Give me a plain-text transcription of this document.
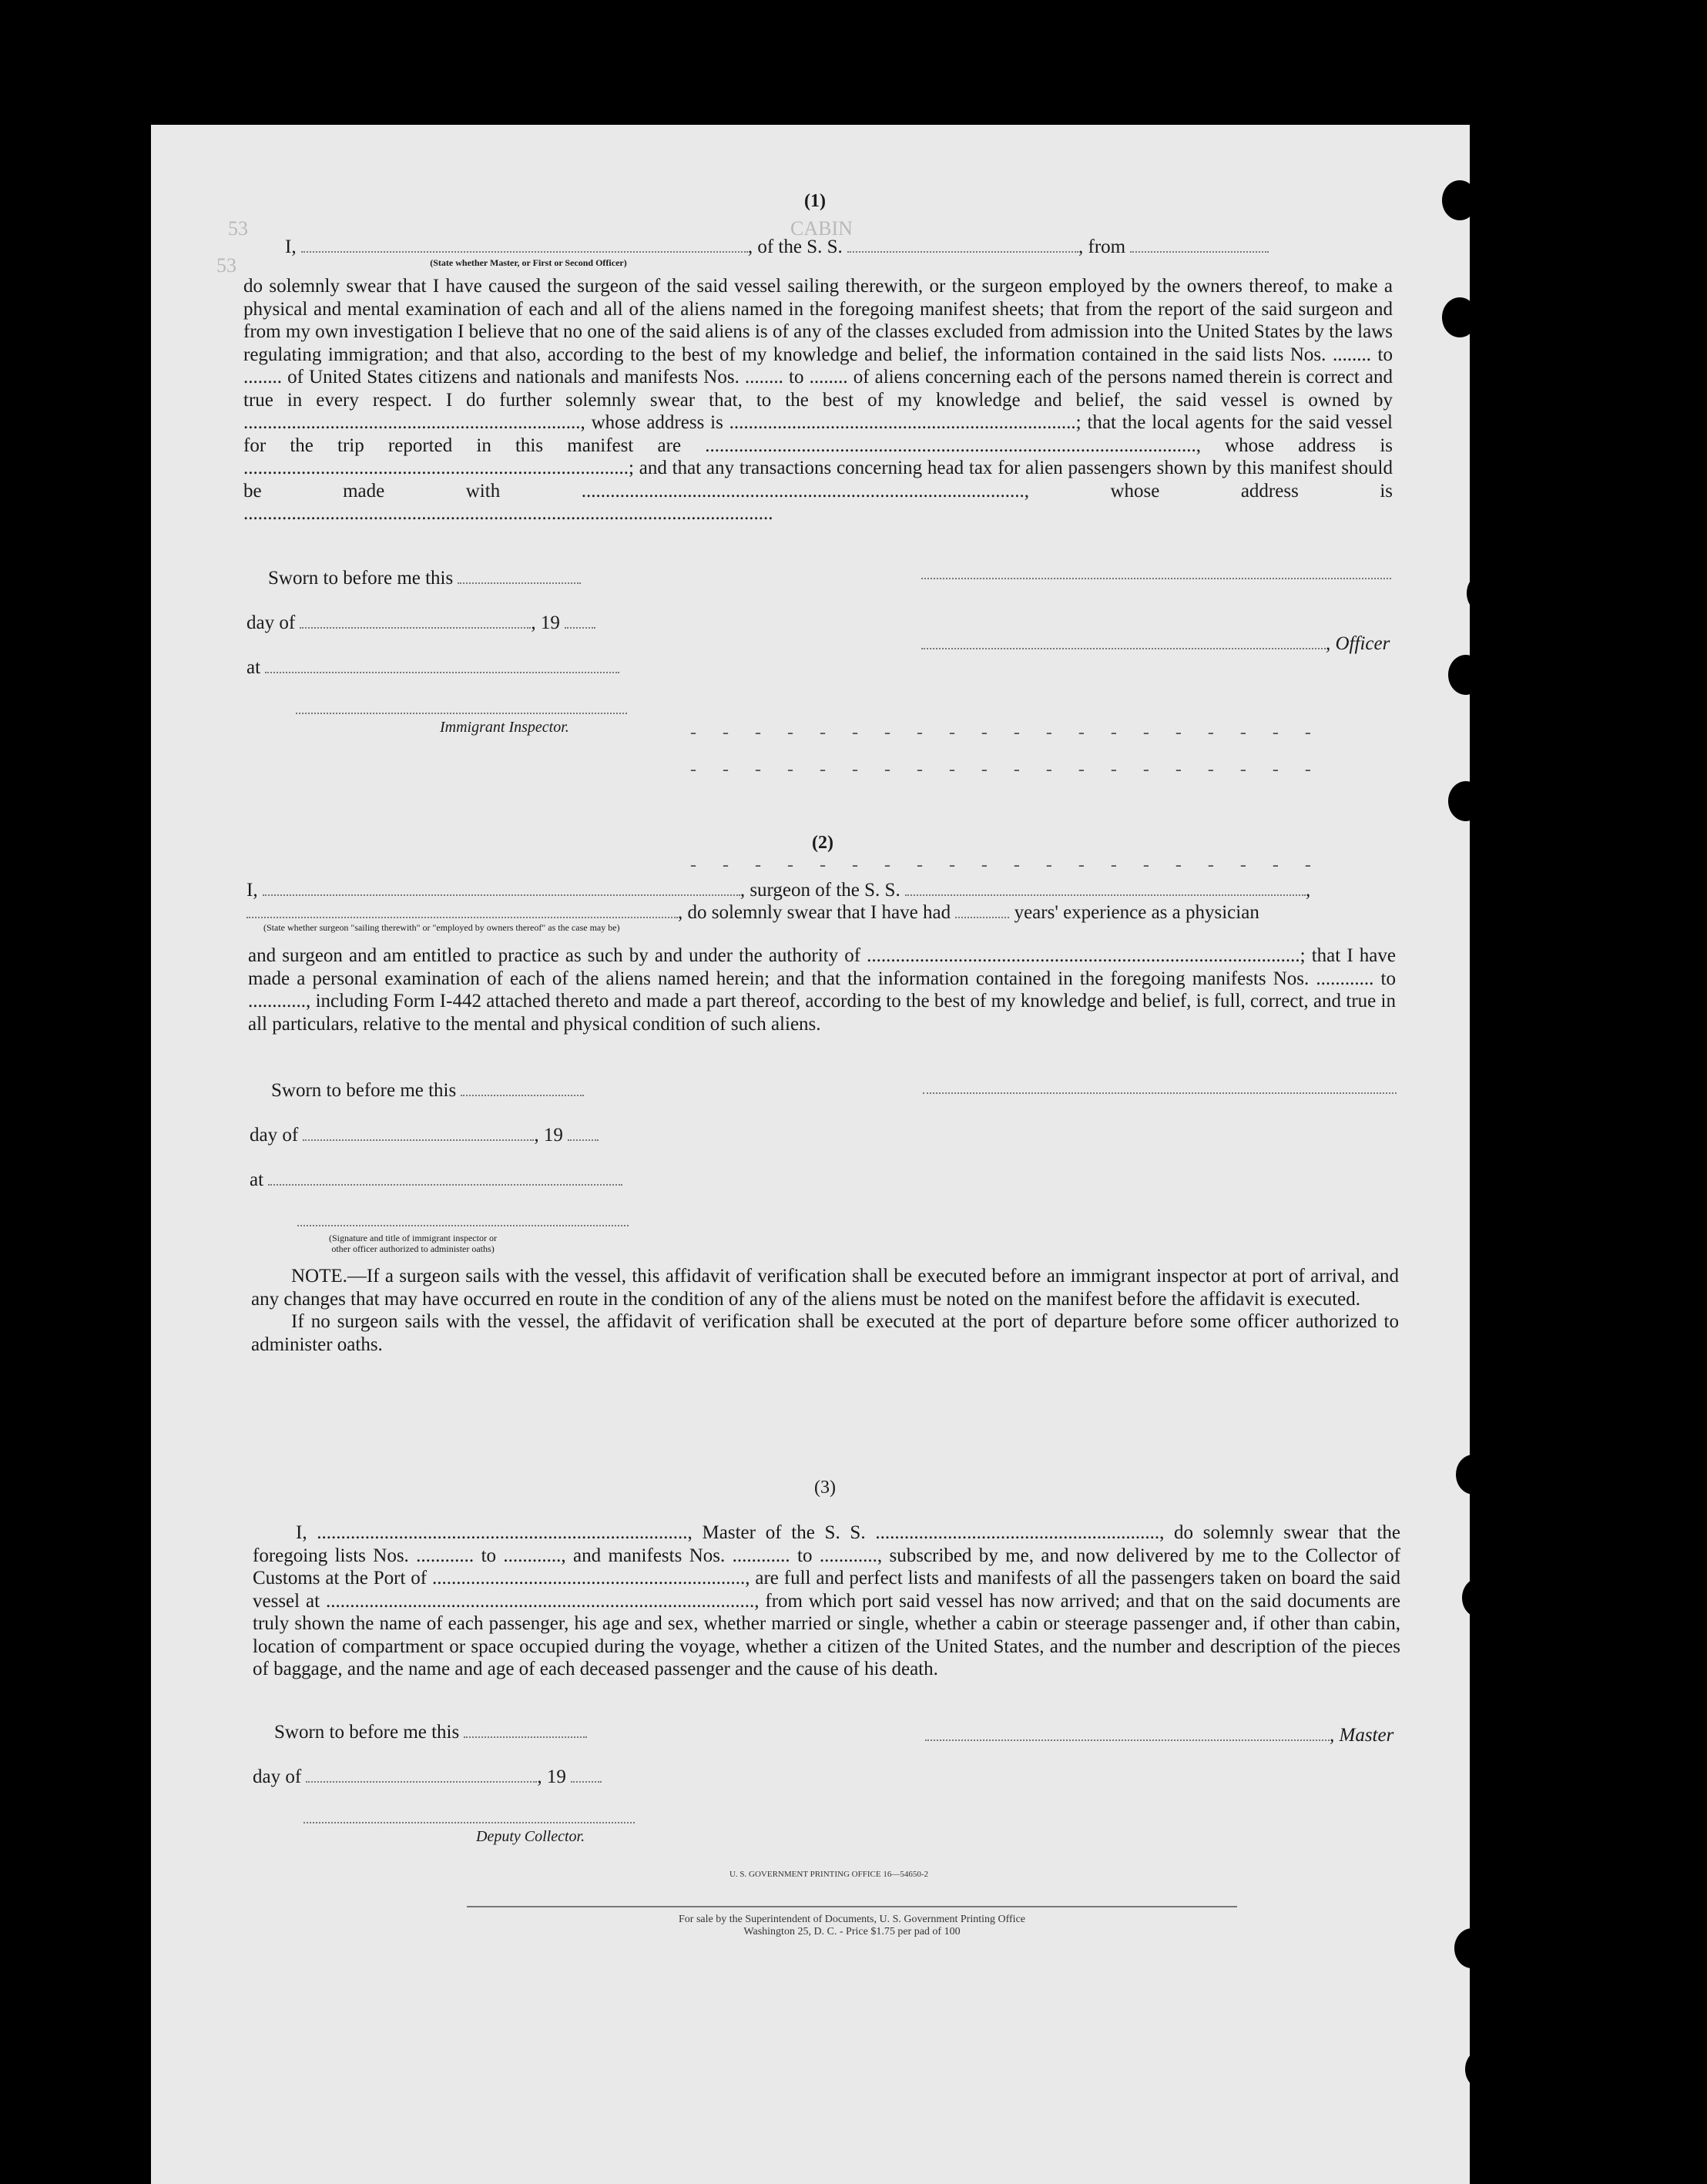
53
53
CABIN
(1)
I,	, of the S. S.	, from
(State whether Master, or First or Second Officer)

do solemnly swear that I have caused the surgeon of the said vessel sailing therewith, or the surgeon employed by the owners thereof, to make a physical and mental examination of each and all of the aliens named in the foregoing manifest sheets; that from the report of the said surgeon and from my own investigation I believe that no one of the said aliens is of any of the classes excluded from admission into the United States by the laws regulating immigration; and that also, according to the best of my knowledge and belief, the information contained in the said lists Nos. ........ to ........ of United States citizens and nationals and manifests Nos. ........ to ........ of aliens concerning each of the persons named therein is correct and true in every respect. I do further solemnly swear that, to the best of my knowledge and belief, the said vessel is owned by ......................................................................, whose address is ........................................................................; that the local agents for the said vessel for the trip reported in this manifest are ......................................................................................................, whose address is ................................................................................; and that any transactions concerning head tax for alien passengers shown by this manifest should be made with ............................................................................................, whose address is ..............................................................................................................

Sworn to before me this
day of	, 19
at
Immigrant Inspector.
, Officer
- - - - - - - - - - - - - - - - - - - -
- - - - - - - - - - - - - - - - - - - -
(2)
- - - - - - - - - - - - - - - - - - - -
I,	, surgeon of the S. S.	,
, do solemnly swear that I have had	years' experience as a physician
(State whether surgeon "sailing therewith" or "employed by owners thereof" as the case may be)

and surgeon and am entitled to practice as such by and under the authority of ..........................................................................................; that I have made a personal examination of each of the aliens named herein; and that the information contained in the foregoing manifests Nos. ............ to ............, including Form I-442 attached thereto and made a part thereof, according to the best of my knowledge and belief, is full, correct, and true in all particulars, relative to the mental and physical condition of such aliens.

Sworn to before me this
day of	, 19
at
(Signature and title of immigrant inspector or other officer authorized to administer oaths)

NOTE.—If a surgeon sails with the vessel, this affidavit of verification shall be executed before an immigrant inspector at port of arrival, and any changes that may have occurred en route in the condition of any of the aliens must be noted on the manifest before the affidavit is executed.

If no surgeon sails with the vessel, the affidavit of verification shall be executed at the port of departure before some officer authorized to administer oaths.

(3)

I, ............................................................................., Master of the S. S. ..........................................................., do solemnly swear that the foregoing lists Nos. ............ to ............, and manifests Nos. ............ to ............, subscribed by me, and now delivered by me to the Collector of Customs at the Port of ................................................................., are full and perfect lists and manifests of all the passengers taken on board the said vessel at ........................................................................................., from which port said vessel has now arrived; and that on the said documents are truly shown the name of each passenger, his age and sex, whether married or single, whether a cabin or steerage passenger and, if other than cabin, location of compartment or space occupied during the voyage, whether a citizen of the United States, and the number and description of the pieces of baggage, and the name and age of each deceased passenger and the cause of his death.

Sworn to before me this	, Master
day of	, 19
Deputy Collector.
U. S. GOVERNMENT PRINTING OFFICE 16—54650-2
For sale by the Superintendent of Documents, U. S. Government Printing Office
Washington 25, D. C. - Price $1.75 per pad of 100
